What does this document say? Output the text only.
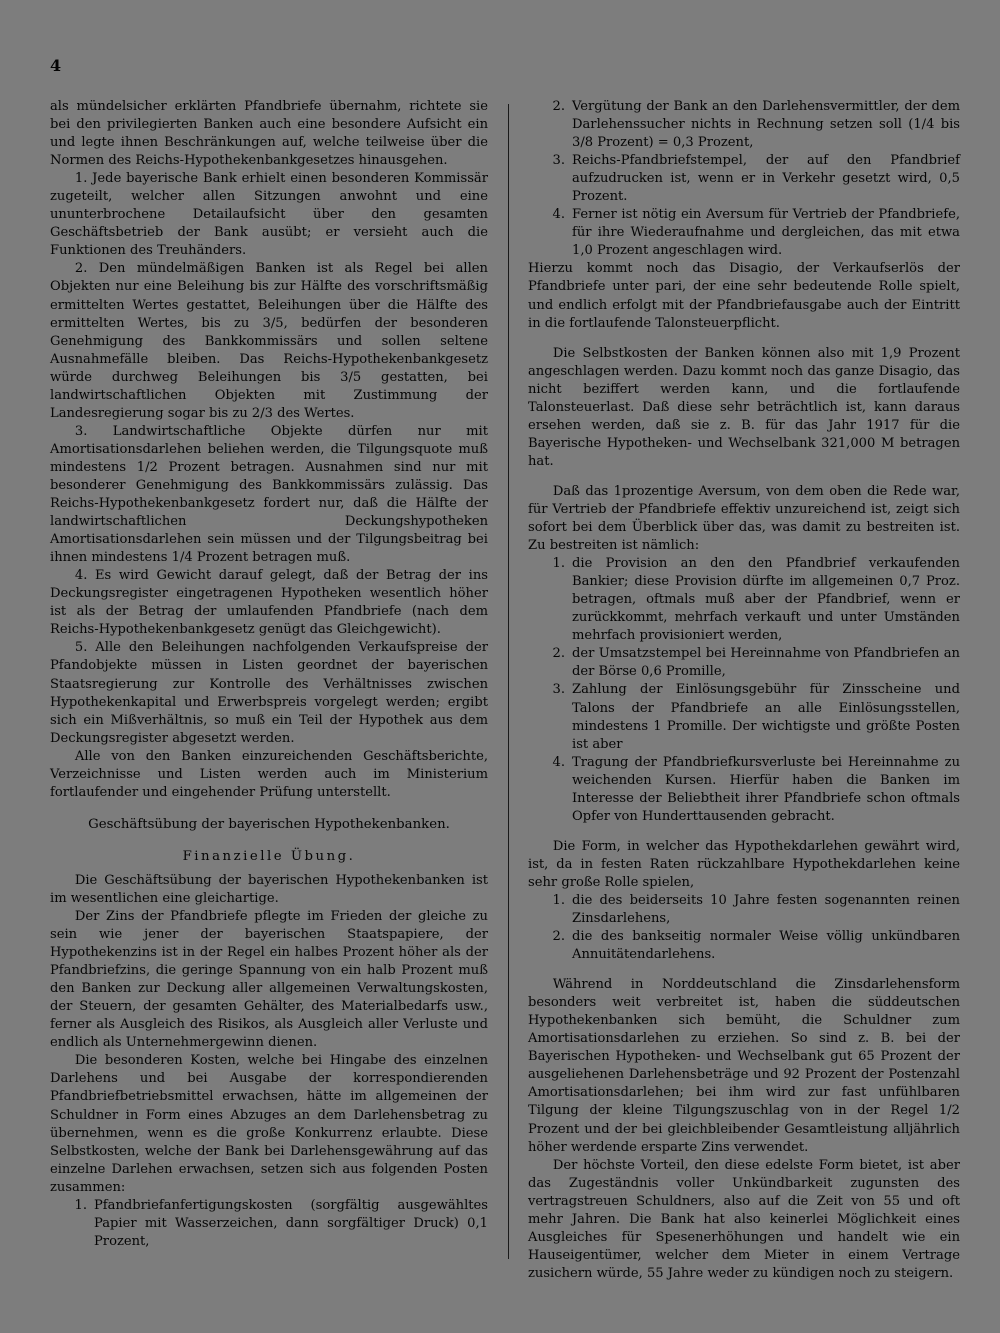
4

als mündelsicher erklärten Pfandbriefe übernahm, richtete sie bei den privilegierten Banken auch eine besondere Aufsicht ein und legte ihnen Beschränkungen auf, welche teilweise über die Normen des Reichs-Hypothekenbankgesetzes hinausgehen.

1. Jede bayerische Bank erhielt einen besonderen Kommissär zugeteilt, welcher allen Sitzungen anwohnt und eine ununterbrochene Detailaufsicht über den gesamten Geschäftsbetrieb der Bank ausübt; er versieht auch die Funktionen des Treuhänders.

2. Den mündelmäßigen Banken ist als Regel bei allen Objekten nur eine Beleihung bis zur Hälfte des vorschriftsmäßig ermittelten Wertes gestattet, Beleihungen über die Hälfte des ermittelten Wertes, bis zu 3/5, bedürfen der besonderen Genehmigung des Bankkommissärs und sollen seltene Ausnahmefälle bleiben. Das Reichs-Hypothekenbankgesetz würde durchweg Beleihungen bis 3/5 gestatten, bei landwirtschaftlichen Objekten mit Zustimmung der Landesregierung sogar bis zu 2/3 des Wertes.

3. Landwirtschaftliche Objekte dürfen nur mit Amortisationsdarlehen beliehen werden, die Tilgungsquote muß mindestens 1/2 Prozent betragen. Ausnahmen sind nur mit besonderer Genehmigung des Bankkommissärs zulässig. Das Reichs-Hypothekenbankgesetz fordert nur, daß die Hälfte der landwirtschaftlichen Deckungshypotheken Amortisationsdarlehen sein müssen und der Tilgungsbeitrag bei ihnen mindestens 1/4 Prozent betragen muß.

4. Es wird Gewicht darauf gelegt, daß der Betrag der ins Deckungsregister eingetragenen Hypotheken wesentlich höher ist als der Betrag der umlaufenden Pfandbriefe (nach dem Reichs-Hypothekenbankgesetz genügt das Gleichgewicht).

5. Alle den Beleihungen nachfolgenden Verkaufspreise der Pfandobjekte müssen in Listen geordnet der bayerischen Staatsregierung zur Kontrolle des Verhältnisses zwischen Hypothekenkapital und Erwerbspreis vorgelegt werden; ergibt sich ein Mißverhältnis, so muß ein Teil der Hypothek aus dem Deckungsregister abgesetzt werden.

Alle von den Banken einzureichenden Geschäftsberichte, Verzeichnisse und Listen werden auch im Ministerium fortlaufender und eingehender Prüfung unterstellt.

Geschäftsübung der bayerischen Hypothekenbanken.

Finanzielle Übung.

Die Geschäftsübung der bayerischen Hypothekenbanken ist im wesentlichen eine gleichartige.

Der Zins der Pfandbriefe pflegte im Frieden der gleiche zu sein wie jener der bayerischen Staatspapiere, der Hypothekenzins ist in der Regel ein halbes Prozent höher als der Pfandbriefzins, die geringe Spannung von ein halb Prozent muß den Banken zur Deckung aller allgemeinen Verwaltungskosten, der Steuern, der gesamten Gehälter, des Materialbedarfs usw., ferner als Ausgleich des Risikos, als Ausgleich aller Verluste und endlich als Unternehmergewinn dienen.

Die besonderen Kosten, welche bei Hingabe des einzelnen Darlehens und bei Ausgabe der korrespondierenden Pfandbriefbetriebsmittel erwachsen, hätte im allgemeinen der Schuldner in Form eines Abzuges an dem Darlehensbetrag zu übernehmen, wenn es die große Konkurrenz erlaubte. Diese Selbstkosten, welche der Bank bei Darlehensgewährung auf das einzelne Darlehen erwachsen, setzen sich aus folgenden Posten zusammen:

1. Pfandbriefanfertigungskosten (sorgfältig ausgewähltes Papier mit Wasserzeichen, dann sorgfältiger Druck) 0,1 Prozent,
2. Vergütung der Bank an den Darlehensvermittler, der dem Darlehenssucher nichts in Rechnung setzen soll (1/4 bis 3/8 Prozent) = 0,3 Prozent,
3. Reichs-Pfandbriefstempel, der auf den Pfandbrief aufzudrucken ist, wenn er in Verkehr gesetzt wird, 0,5 Prozent.
4. Ferner ist nötig ein Aversum für Vertrieb der Pfandbriefe, für ihre Wiederaufnahme und dergleichen, das mit etwa 1,0 Prozent angeschlagen wird.

Hierzu kommt noch das Disagio, der Verkaufserlös der Pfandbriefe unter pari, der eine sehr bedeutende Rolle spielt, und endlich erfolgt mit der Pfandbriefausgabe auch der Eintritt in die fortlaufende Talonsteuerpflicht.

Die Selbstkosten der Banken können also mit 1,9 Prozent angeschlagen werden. Dazu kommt noch das ganze Disagio, das nicht beziffert werden kann, und die fortlaufende Talonsteuerlast. Daß diese sehr beträchtlich ist, kann daraus ersehen werden, daß sie z. B. für das Jahr 1917 für die Bayerische Hypotheken- und Wechselbank 321,000 M betragen hat.

Daß das 1prozentige Aversum, von dem oben die Rede war, für Vertrieb der Pfandbriefe effektiv unzureichend ist, zeigt sich sofort bei dem Überblick über das, was damit zu bestreiten ist. Zu bestreiten ist nämlich:

1. die Provision an den den Pfandbrief verkaufenden Bankier; diese Provision dürfte im allgemeinen 0,7 Proz. betragen, oftmals muß aber der Pfandbrief, wenn er zurückkommt, mehrfach verkauft und unter Umständen mehrfach provisioniert werden,
2. der Umsatzstempel bei Hereinnahme von Pfandbriefen an der Börse 0,6 Promille,
3. Zahlung der Einlösungsgebühr für Zinsscheine und Talons der Pfandbriefe an alle Einlösungsstellen, mindestens 1 Promille. Der wichtigste und größte Posten ist aber
4. Tragung der Pfandbriefkursverluste bei Hereinnahme zu weichenden Kursen. Hierfür haben die Banken im Interesse der Beliebtheit ihrer Pfandbriefe schon oftmals Opfer von Hunderttausenden gebracht.

Die Form, in welcher das Hypothekdarlehen gewährt wird, ist, da in festen Raten rückzahlbare Hypothekdarlehen keine sehr große Rolle spielen,

1. die des beiderseits 10 Jahre festen sogenannten reinen Zinsdarlehens,
2. die des bankseitig normaler Weise völlig unkündbaren Annuitätendarlehens.

Während in Norddeutschland die Zinsdarlehensform besonders weit verbreitet ist, haben die süddeutschen Hypothekenbanken sich bemüht, die Schuldner zum Amortisationsdarlehen zu erziehen. So sind z. B. bei der Bayerischen Hypotheken- und Wechselbank gut 65 Prozent der ausgeliehenen Darlehensbeträge und 92 Prozent der Postenzahl Amortisationsdarlehen; bei ihm wird zur fast unfühlbaren Tilgung der kleine Tilgungszuschlag von in der Regel 1/2 Prozent und der bei gleichbleibender Gesamtleistung alljährlich höher werdende ersparte Zins verwendet.

Der höchste Vorteil, den diese edelste Form bietet, ist aber das Zugeständnis voller Unkündbarkeit zugunsten des vertragstreuen Schuldners, also auf die Zeit von 55 und oft mehr Jahren. Die Bank hat also keinerlei Möglichkeit eines Ausgleiches für Spesenerhöhungen und handelt wie ein Hauseigentümer, welcher dem Mieter in einem Vertrage zusichern würde, 55 Jahre weder zu kündigen noch zu steigern.
